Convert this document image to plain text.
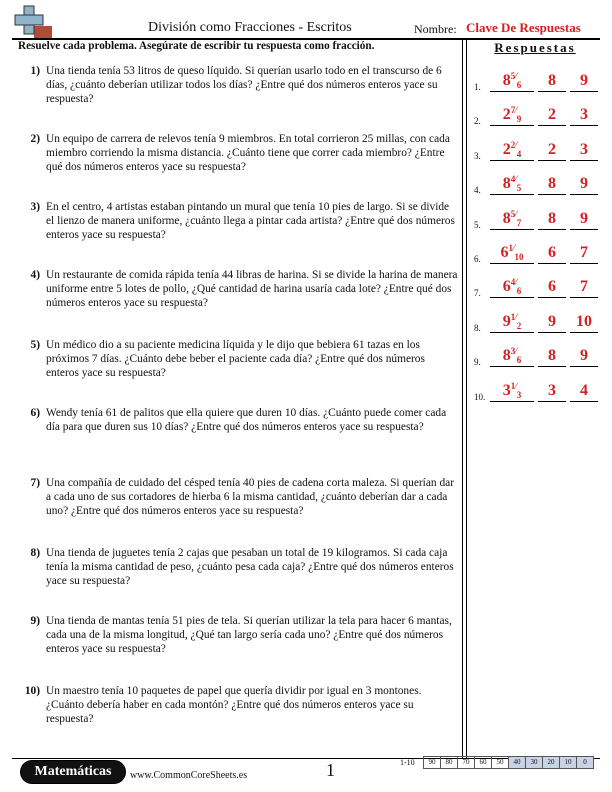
División como Fracciones - Escritos	Nombre: Clave De Respuestas
Resuelve cada problema. Asegúrate de escribir tu respuesta como fracción.	Respuestas
1) Una tienda tenía 53 litros de queso líquido. Si querían usarlo todo en el transcurso de 6 días, ¿cuánto deberían utilizar todos los días? ¿Entre qué dos números enteros yace su respuesta?
2) Un equipo de carrera de relevos tenía 9 miembros. En total corrieron 25 millas, con cada miembro corriendo la misma distancia. ¿Cuánto tiene que correr cada miembro? ¿Entre qué dos números enteros yace su respuesta?
3) En el centro, 4 artistas estaban pintando un mural que tenía 10 pies de largo. Si se divide el lienzo de manera uniforme, ¿cuánto llega a pintar cada artista? ¿Entre qué dos números enteros yace su respuesta?
4) Un restaurante de comida rápida tenía 44 libras de harina. Si se divide la harina de manera uniforme entre 5 lotes de pollo, ¿Qué cantidad de harina usaría cada lote? ¿Entre qué dos números enteros yace su respuesta?
5) Un médico dio a su paciente medicina líquida y le dijo que bebiera 61 tazas en los próximos 7 días. ¿Cuánto debe beber el paciente cada día? ¿Entre qué dos números enteros yace su respuesta?
6) Wendy tenía 61 de palitos que ella quiere que duren 10 días. ¿Cuánto puede comer cada día para que duren sus 10 días? ¿Entre qué dos números enteros yace su respuesta?
7) Una compañía de cuidado del césped tenía 40 pies de cadena corta maleza. Si querían dar a cada uno de sus cortadores de hierba 6 la misma cantidad, ¿cuánto deberían dar a cada uno? ¿Entre qué dos números enteros yace su respuesta?
8) Una tienda de juguetes tenía 2 cajas que pesaban un total de 19 kilogramos. Si cada caja tenía la misma cantidad de peso, ¿cuánto pesa cada caja? ¿Entre qué dos números enteros yace su respuesta?
9) Una tienda de mantas tenía 51 pies de tela. Si querían utilizar la tela para hacer 6 mantas, cada una de la misma longitud, ¿Qué tan largo sería cada uno? ¿Entre qué dos números enteros yace su respuesta?
10) Un maestro tenía 10 paquetes de papel que quería dividir por igual en 3 montones. ¿Cuánto debería haber en cada montón? ¿Entre qué dos números enteros yace su respuesta?
1.	$8^{5⁄6}$	8	9
2.	$2^{7⁄9}$	2	3
3.	$2^{2⁄4}$	2	3
4.	$8^{4⁄5}$	8	9
5.	$8^{5⁄7}$	8	9
6.	$6^{1⁄10}$	6	7
7.	$6^{4⁄6}$	6	7
8.	$9^{1⁄2}$	9	10
9.	$8^{3⁄6}$	8	9
10.	$3^{1⁄3}$	3	4
Matemáticas	www.CommonCoreSheets.es	1	1-10	90	80	70	60	50	40	30	20	10	0
